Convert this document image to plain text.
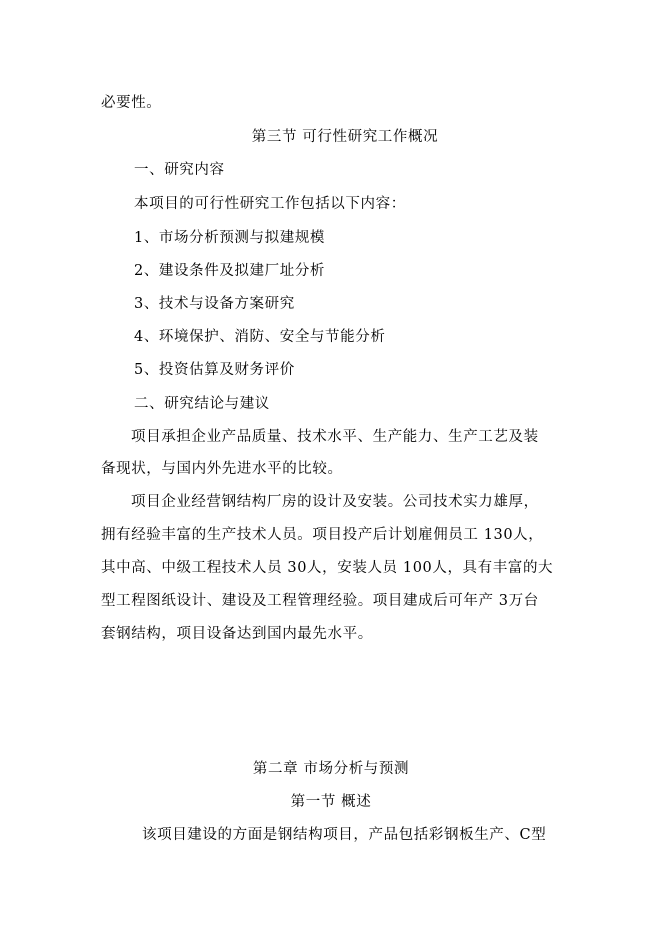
必要性。

第三节 可行性研究工作概况

一、研究内容

本项目的可行性研究工作包括以下内容：

1、市场分析预测与拟建规模

2、建设条件及拟建厂址分析

3、技术与设备方案研究

4、环境保护、消防、安全与节能分析

5、投资估算及财务评价

二、研究结论与建议

项目承担企业产品质量、技术水平、生产能力、生产工艺及装

备现状，与国内外先进水平的比较。

项目企业经营钢结构厂房的设计及安装。公司技术实力雄厚，

拥有经验丰富的生产技术人员。项目投产后计划雇佣员工 130人，

其中高、中级工程技术人员 30人，安装人员 100人，具有丰富的大

型工程图纸设计、建设及工程管理经验。项目建成后可年产 3万台

套钢结构，项目设备达到国内最先水平。

第二章 市场分析与预测

第一节 概述

该项目建设的方面是钢结构项目，产品包括彩钢板生产、C型
